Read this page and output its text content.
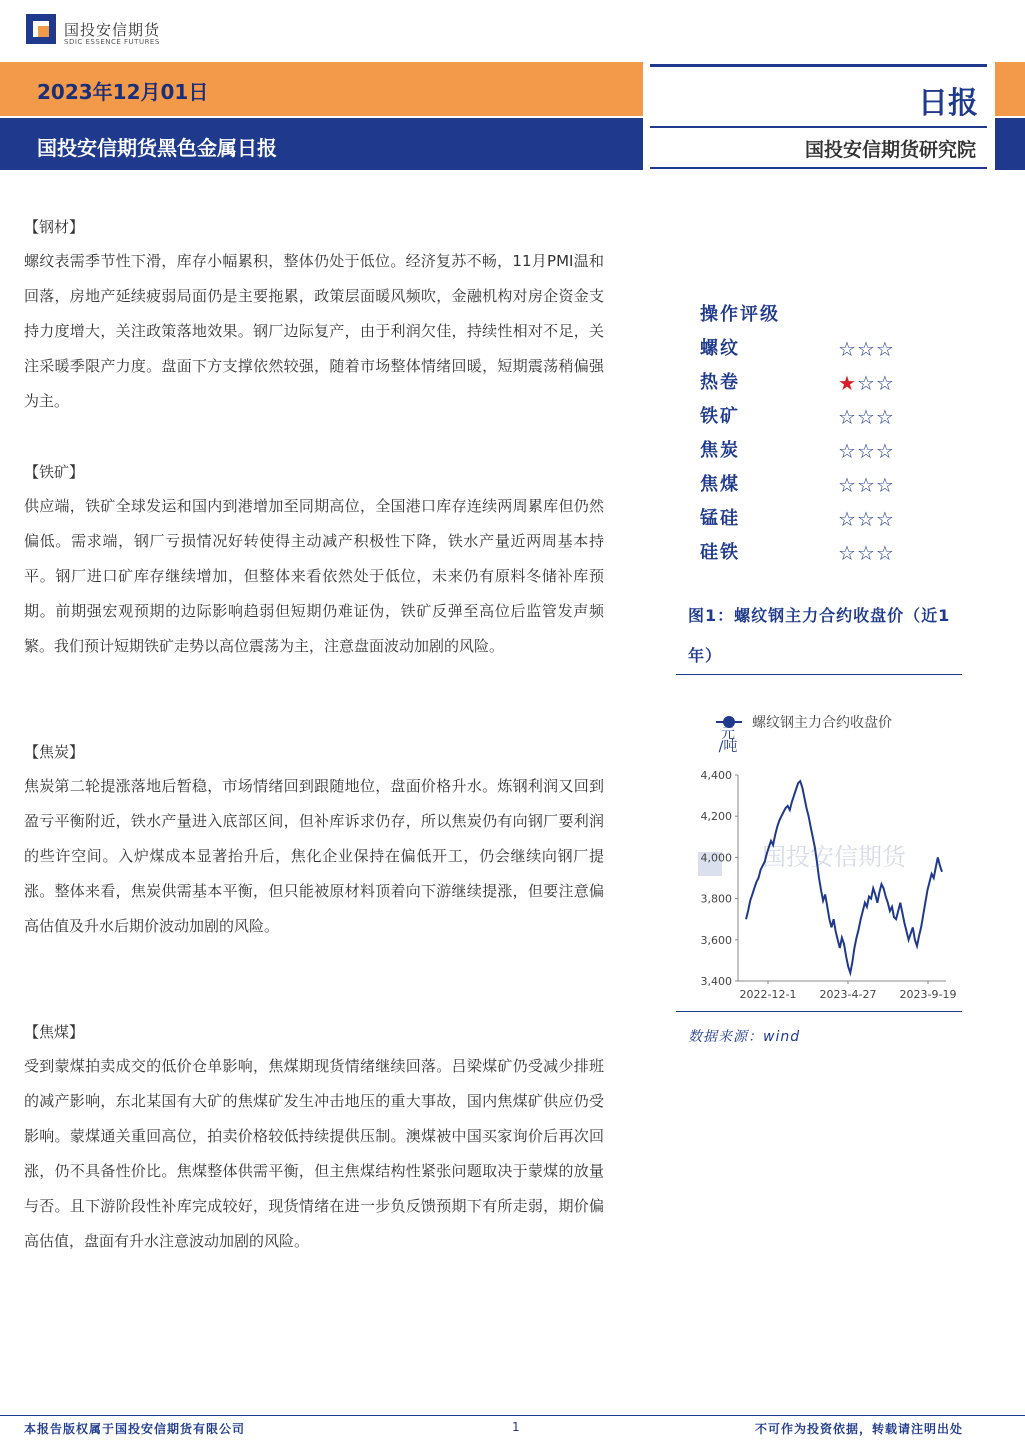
国投安信期货
SDIC ESSENCE FUTURES
2023年12月01日
国投安信期货黑色金属日报
日报
国投安信期货研究院
【钢材】
螺纹表需季节性下滑，库存小幅累积，整体仍处于低位。经济复苏不畅，11月PMI温和回落，房地产延续疲弱局面仍是主要拖累，政策层面暖风频吹，金融机构对房企资金支持力度增大，关注政策落地效果。钢厂边际复产，由于利润欠佳，持续性相对不足，关注采暖季限产力度。盘面下方支撑依然较强，随着市场整体情绪回暖，短期震荡稍偏强为主。
【铁矿】
供应端，铁矿全球发运和国内到港增加至同期高位，全国港口库存连续两周累库但仍然偏低。需求端，钢厂亏损情况好转使得主动减产积极性下降，铁水产量近两周基本持平。钢厂进口矿库存继续增加，但整体来看依然处于低位，未来仍有原料冬储补库预期。前期强宏观预期的边际影响趋弱但短期仍难证伪，铁矿反弹至高位后监管发声频繁。我们预计短期铁矿走势以高位震荡为主，注意盘面波动加剧的风险。
【焦炭】
焦炭第二轮提涨落地后暂稳，市场情绪回到跟随地位，盘面价格升水。炼钢利润又回到盈亏平衡附近，铁水产量进入底部区间，但补库诉求仍存，所以焦炭仍有向钢厂要利润的些许空间。入炉煤成本显著抬升后，焦化企业保持在偏低开工，仍会继续向钢厂提涨。整体来看，焦炭供需基本平衡，但只能被原材料顶着向下游继续提涨，但要注意偏高估值及升水后期价波动加剧的风险。
【焦煤】
受到蒙煤拍卖成交的低价仓单影响，焦煤期现货情绪继续回落。吕梁煤矿仍受减少排班的减产影响，东北某国有大矿的焦煤矿发生冲击地压的重大事故，国内焦煤矿供应仍受影响。蒙煤通关重回高位，拍卖价格较低持续提供压制。澳煤被中国买家询价后再次回涨，仍不具备性价比。焦煤整体供需平衡，但主焦煤结构性紧张问题取决于蒙煤的放量与否。且下游阶段性补库完成较好，现货情绪在进一步负反馈预期下有所走弱，期价偏高估值，盘面有升水注意波动加剧的风险。
操作评级
螺纹	☆☆☆
热卷	★☆☆
铁矿	☆☆☆
焦炭	☆☆☆
焦煤	☆☆☆
锰硅	☆☆☆
硅铁	☆☆☆
图1：螺纹钢主力合约收盘价（近1年）
国投安信期货
螺纹钢主力合约收盘价
元
/吨
3,400
3,600
3,800
4,000
4,200
4,400
2022-12-1 2023-4-27 2023-9-19
数据来源：wind
本报告版权属于国投安信期货有限公司	1	不可作为投资依据，转载请注明出处
